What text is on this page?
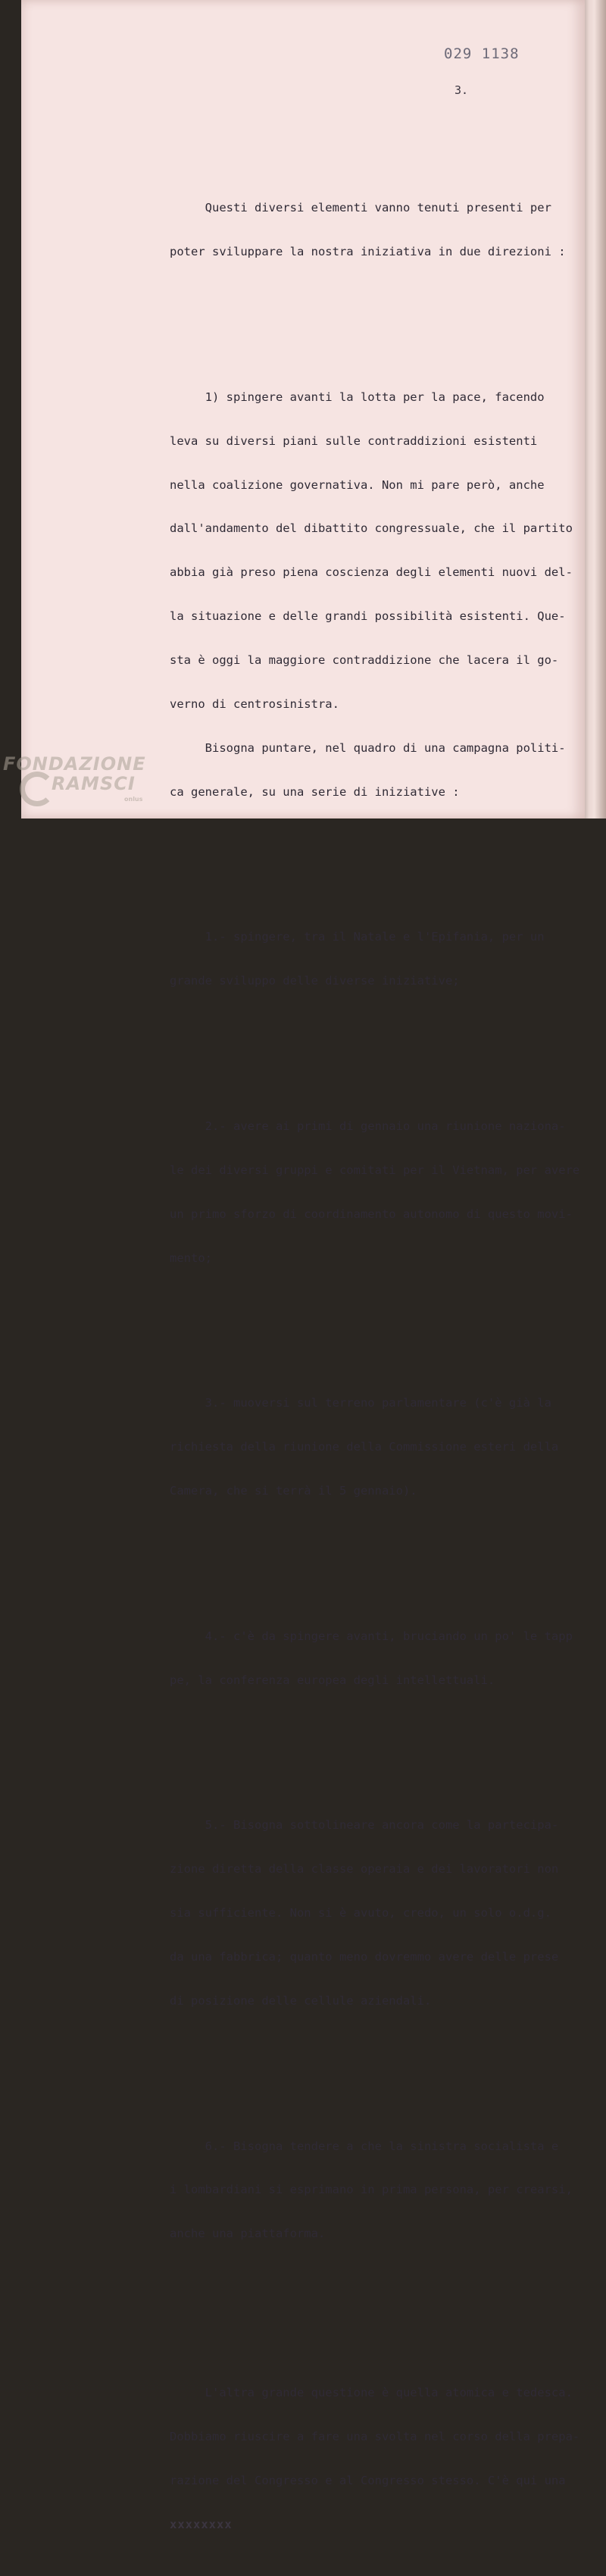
029 1138
3.

Questi diversi elementi vanno tenuti presenti per

poter sviluppare la nostra iniziativa in due direzioni :

1) spingere avanti la lotta per la pace, facendo

leva su diversi piani sulle contraddizioni esistenti

nella coalizione governativa. Non mi pare però, anche

dall'andamento del dibattito congressuale, che il partito

abbia già preso piena coscienza degli elementi nuovi del-

la situazione e delle grandi possibilità esistenti. Que-

sta è oggi la maggiore contraddizione che lacera il go-

verno di centrosinistra.

Bisogna puntare, nel quadro di una campagna politi-

ca generale, su una serie di iniziative :

1.- spingere, tra il Natale e l'Epifania, per un

grande sviluppo delle diverse iniziative;

2.- avere ai primi di gennaio una riunione naziona-

le dei diversi gruppi e comitati per il Vietnam, per avere

un primo sforzo di coordinamento autonomo di questo movi-

mento;

3.- muoversi sul terreno parlamentare (c'è già la

richiesta della riunione della Commissione esteri della

Camera, che si terrà il 5 gennaio).

4.- c'è da spingere avanti, bruciando un po' le tapp

pe, la conferenza europea degli intellettuali.

5.- Bisogna sottolineare ancora come la partecipa-

zione diretta della classe operaia e dei lavoratori non

sia sufficiente. Non si è avuto, credo, un solo o.d.g.

da una fabbrica; quanto meno dovremmo avere delle prese

di posizione delle cellule aziendali.

6.- Bisogna tendere a che la sinistra socialista e

i lombardiani si esprimano in prima persona, per crearsi,

anche una piattaforma.

L'altra grande questione è quella atomica e tedesca.

Dobbiamo riuscire a fare una svolta nel corso della prepa-

razione del Congresso e al Congresso stesso. C'è qui una

xxxxxxxx

FONDAZIONE
RAMSCI
onlus
